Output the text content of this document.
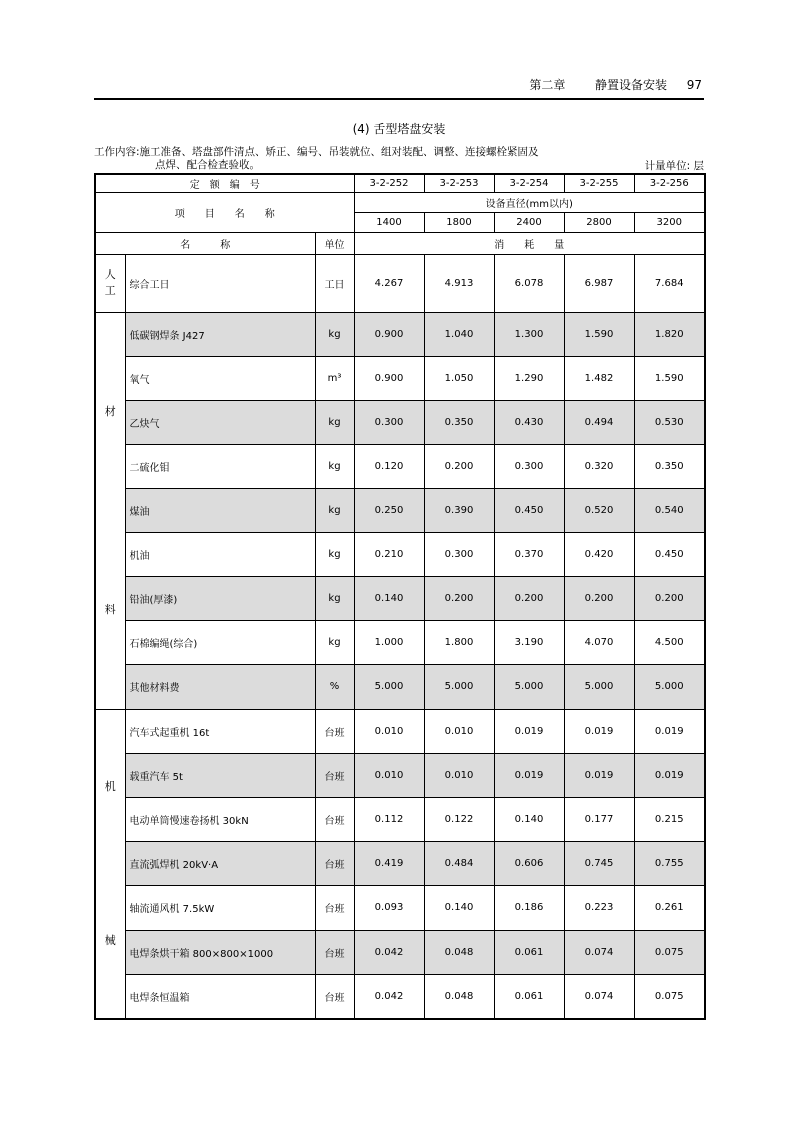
第二章 静置设备安装 97
(4) 舌型塔盘安装
工作内容:施工准备、塔盘部件清点、矫正、编号、吊装就位、组对装配、调整、连接螺栓紧固及
点焊、配合检查验收。	计量单位: 层
定　额　编　号			3-2-252	3-2-253	3-2-254	3-2-255	3-2-256
项　　目　　名　　称			设备直径(mm以内)				
			1400	1800	2400	2800	3200
名　　　称		单位	消　　耗　　量				
人工	综合工日	工日	4.267	4.913	6.078	6.987	7.684

材
料	低碳钢焊条 J427	kg	0.900	1.040	1.300	1.590	1.820
	氧气	m³	0.900	1.050	1.290	1.482	1.590
	乙炔气	kg	0.300	0.350	0.430	0.494	0.530
	二硫化钼	kg	0.120	0.200	0.300	0.320	0.350
	煤油	kg	0.250	0.390	0.450	0.520	0.540
	机油	kg	0.210	0.300	0.370	0.420	0.450
	铅油(厚漆)	kg	0.140	0.200	0.200	0.200	0.200
	石棉编绳(综合)	kg	1.000	1.800	3.190	4.070	4.500
	其他材料费	%	5.000	5.000	5.000	5.000	5.000

机
械	汽车式起重机 16t	台班	0.010	0.010	0.019	0.019	0.019
	载重汽车 5t	台班	0.010	0.010	0.019	0.019	0.019
	电动单筒慢速卷扬机 30kN	台班	0.112	0.122	0.140	0.177	0.215
	直流弧焊机 20kV·A	台班	0.419	0.484	0.606	0.745	0.755
	轴流通风机 7.5kW	台班	0.093	0.140	0.186	0.223	0.261
	电焊条烘干箱 800×800×1000	台班	0.042	0.048	0.061	0.074	0.075
	电焊条恒温箱	台班	0.042	0.048	0.061	0.074	0.075
